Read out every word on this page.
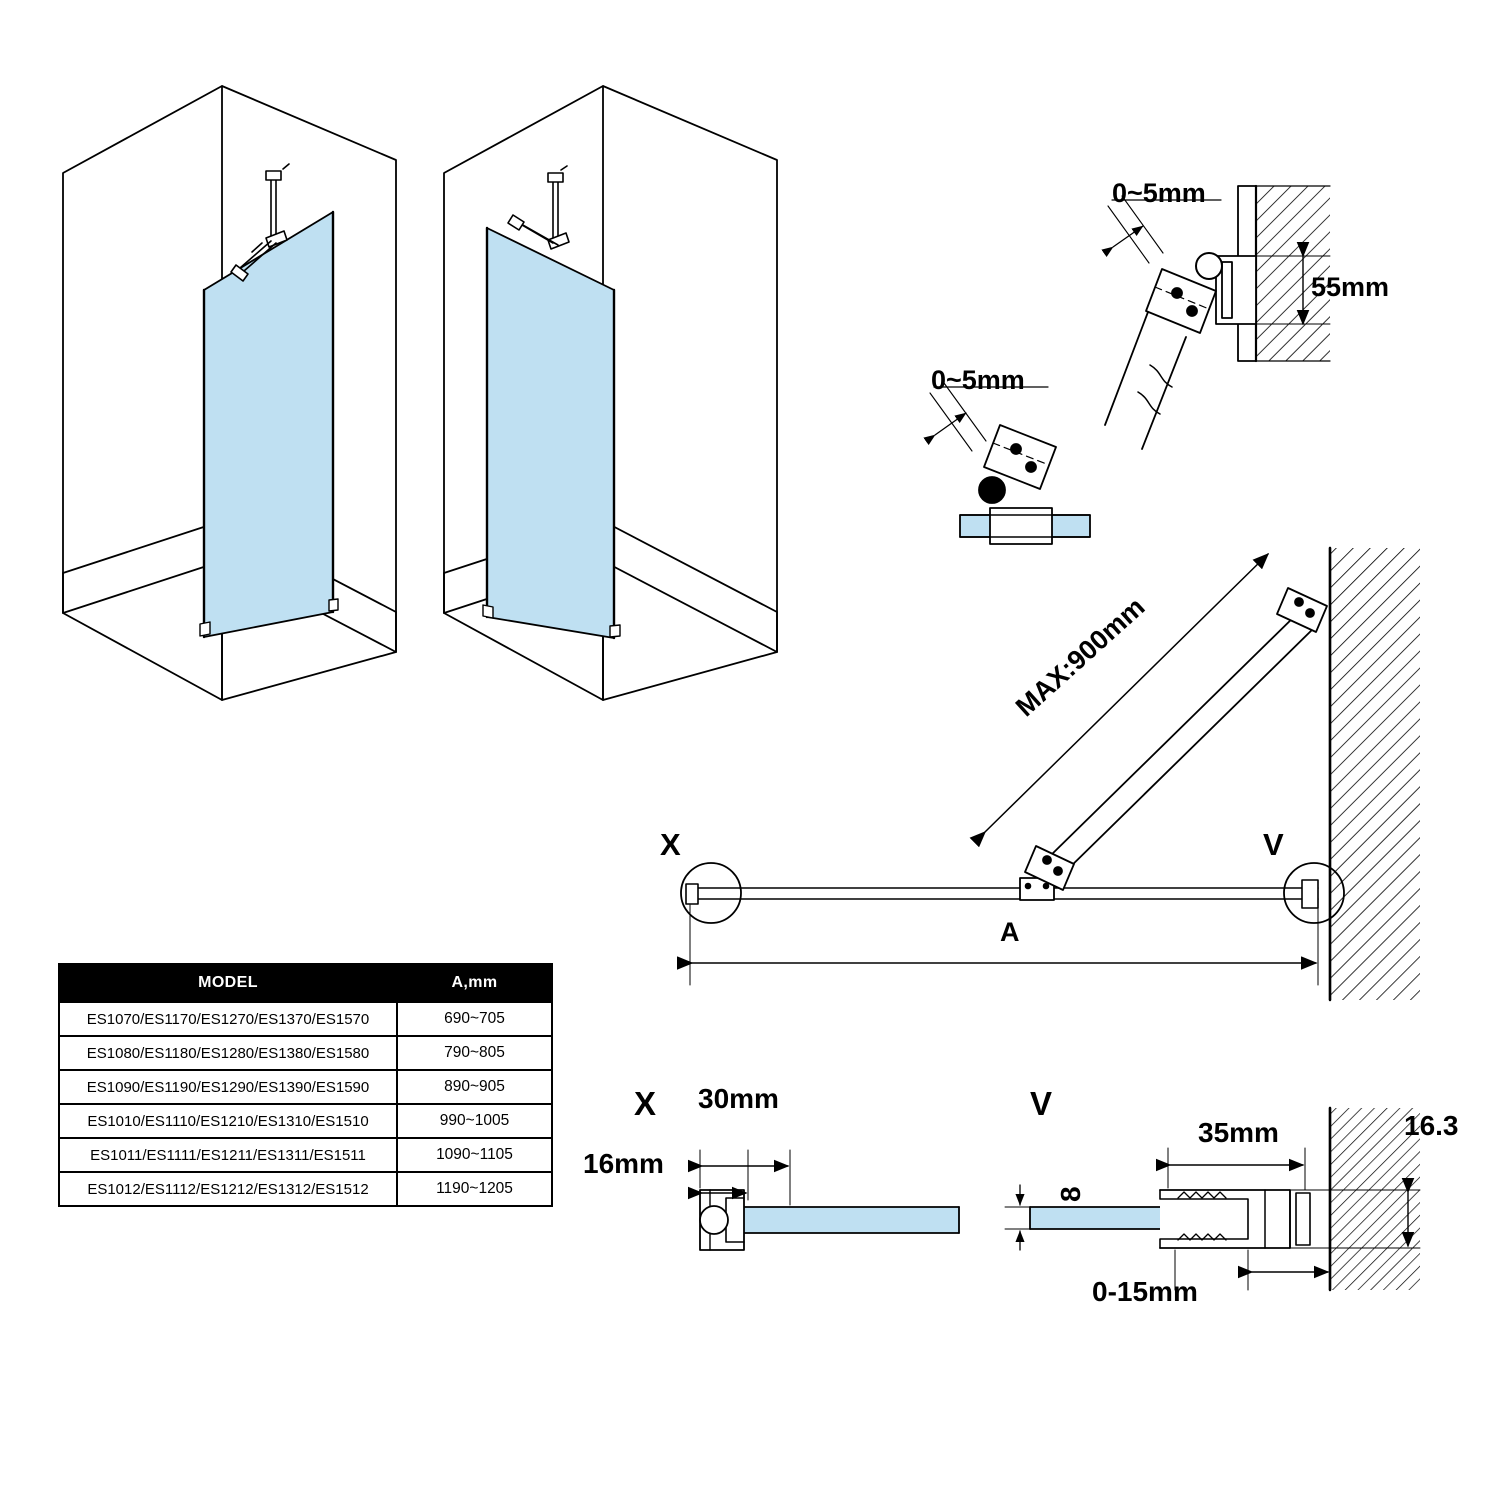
0~5mm
0~5mm
55mm
MAX:900mm
A
X	V
X 30mm
16mm
V
35mm	16.3
8
0-15mm
MODEL	A,mm
ES1070/ES1170/ES1270/ES1370/ES1570	690~705
ES1080/ES1180/ES1280/ES1380/ES1580	790~805
ES1090/ES1190/ES1290/ES1390/ES1590	890~905
ES1010/ES1110/ES1210/ES1310/ES1510	990~1005
ES1011/ES1111/ES1211/ES1311/ES1511	1090~1105
ES1012/ES1112/ES1212/ES1312/ES1512	1190~1205
